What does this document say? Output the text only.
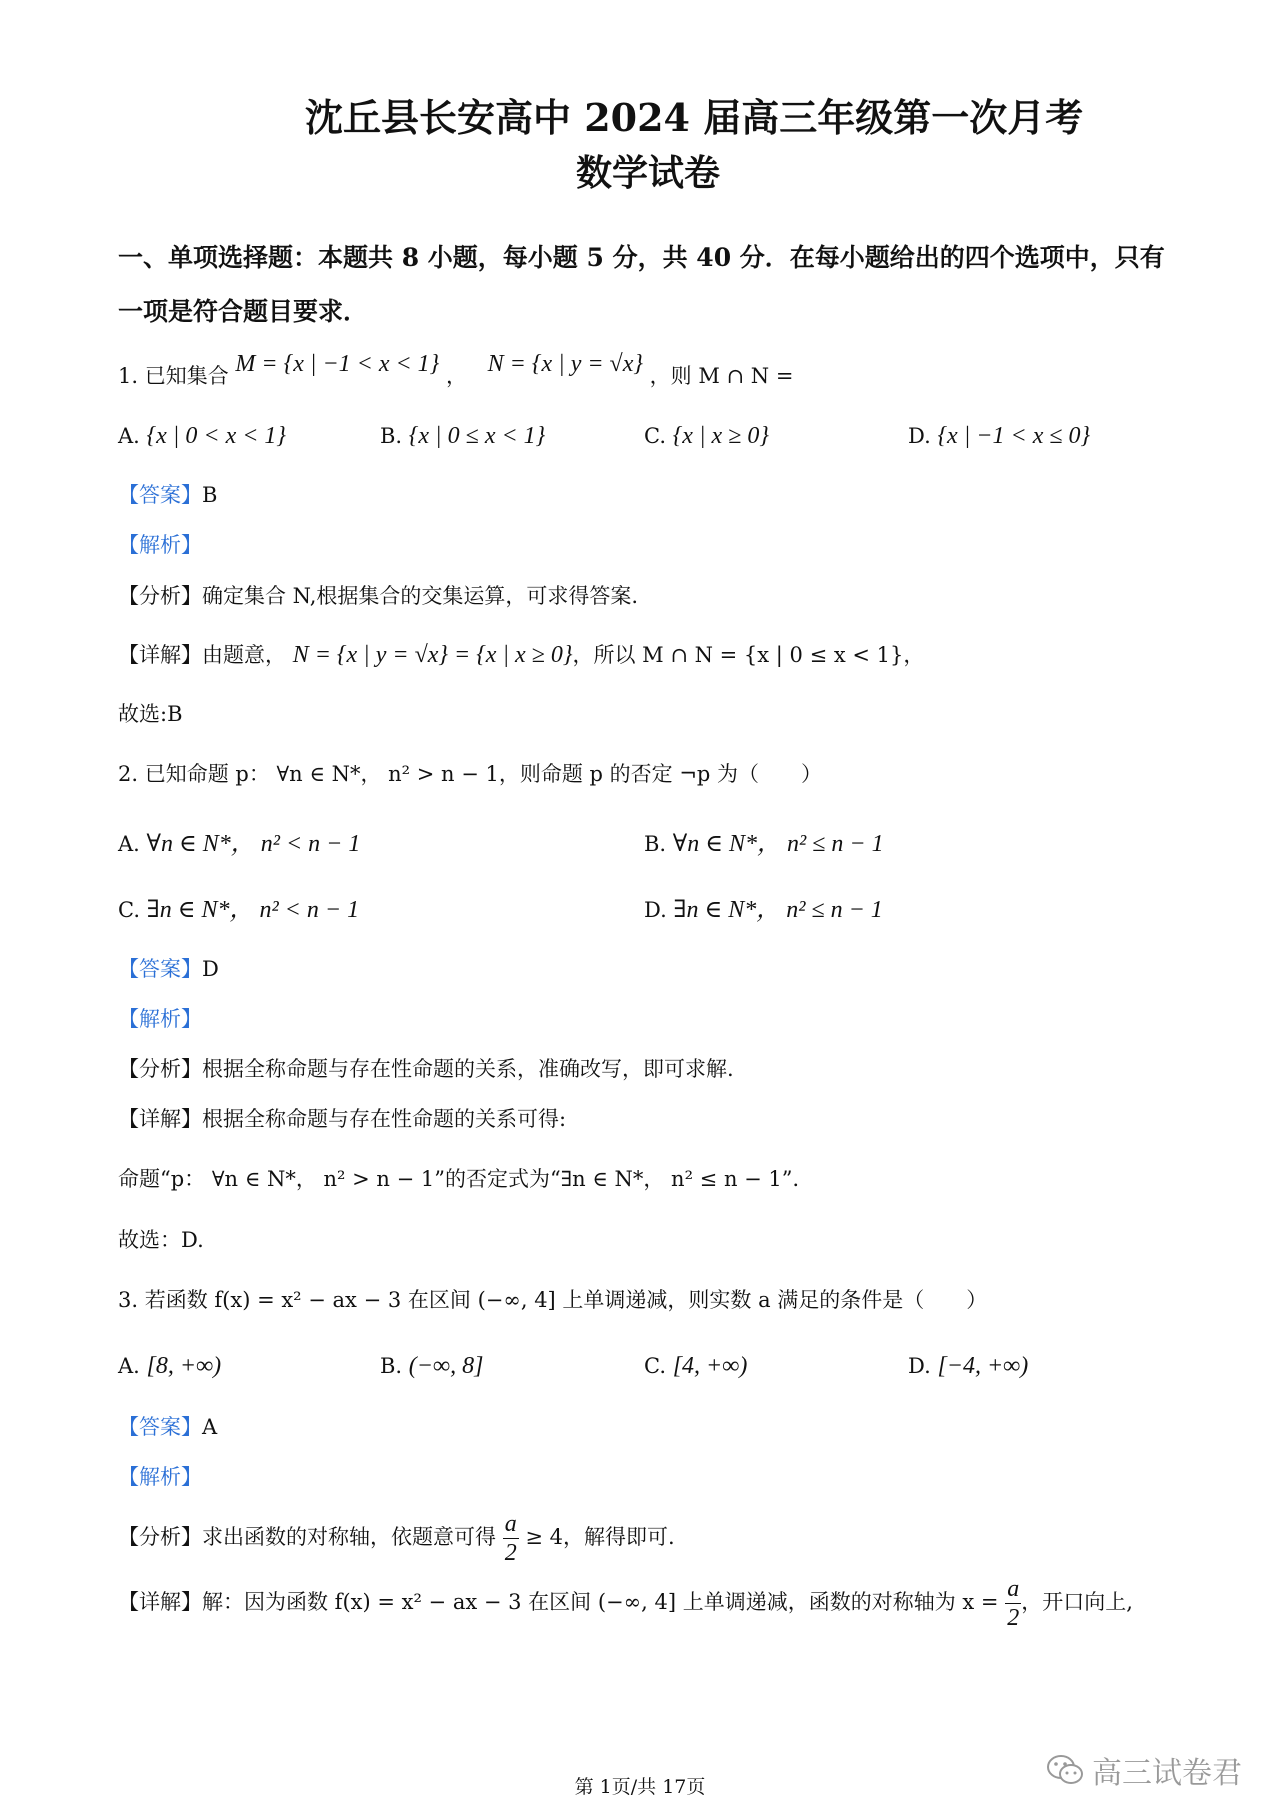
沈丘县长安高中 2024 届高三年级第一次月考
数学试卷
一、单项选择题：本题共 8 小题，每小题 5 分，共 40 分．在每小题给出的四个选项中，只有
一项是符合题目要求．
1. 已知集合 M = {x | −1 < x < 1} ， N = {x | y = √x} ，则 M ∩ N =
A. {x | 0 < x < 1}	B. {x | 0 ≤ x < 1}	C. {x | x ≥ 0}	D. {x | −1 < x ≤ 0}
【答案】B
【解析】
【分析】确定集合 N,根据集合的交集运算，可求得答案.
【详解】由题意， N = {x | y = √x} = {x | x ≥ 0}，所以 M ∩ N = {x | 0 ≤ x < 1}，
故选:B
2. 已知命题 p： ∀n ∈ N*， n² > n − 1，则命题 p 的否定 ¬p 为（　　）
A. ∀n ∈ N*， n² < n − 1	B. ∀n ∈ N*， n² ≤ n − 1
C. ∃n ∈ N*， n² < n − 1	D. ∃n ∈ N*， n² ≤ n − 1
【答案】D
【解析】
【分析】根据全称命题与存在性命题的关系，准确改写，即可求解.
【详解】根据全称命题与存在性命题的关系可得:
命题“p： ∀n ∈ N*， n² > n − 1”的否定式为“∃n ∈ N*， n² ≤ n − 1”．
故选：D.
3. 若函数 f(x) = x² − ax − 3 在区间 (−∞, 4] 上单调递减，则实数 a 满足的条件是（　　）
A. [8, +∞)	B. (−∞, 8]	C. [4, +∞)	D. [−4, +∞)
【答案】A
【解析】
【分析】求出函数的对称轴，依题意可得 $\frac{a}{2} \ge 4$，解得即可.
【详解】解：因为函数 f(x) = x² − ax − 3 在区间 (−∞, 4] 上单调递减，函数的对称轴为 $x = \frac{a}{2}$ ，开口向上,
第 1页/共 17页	高三试卷君
